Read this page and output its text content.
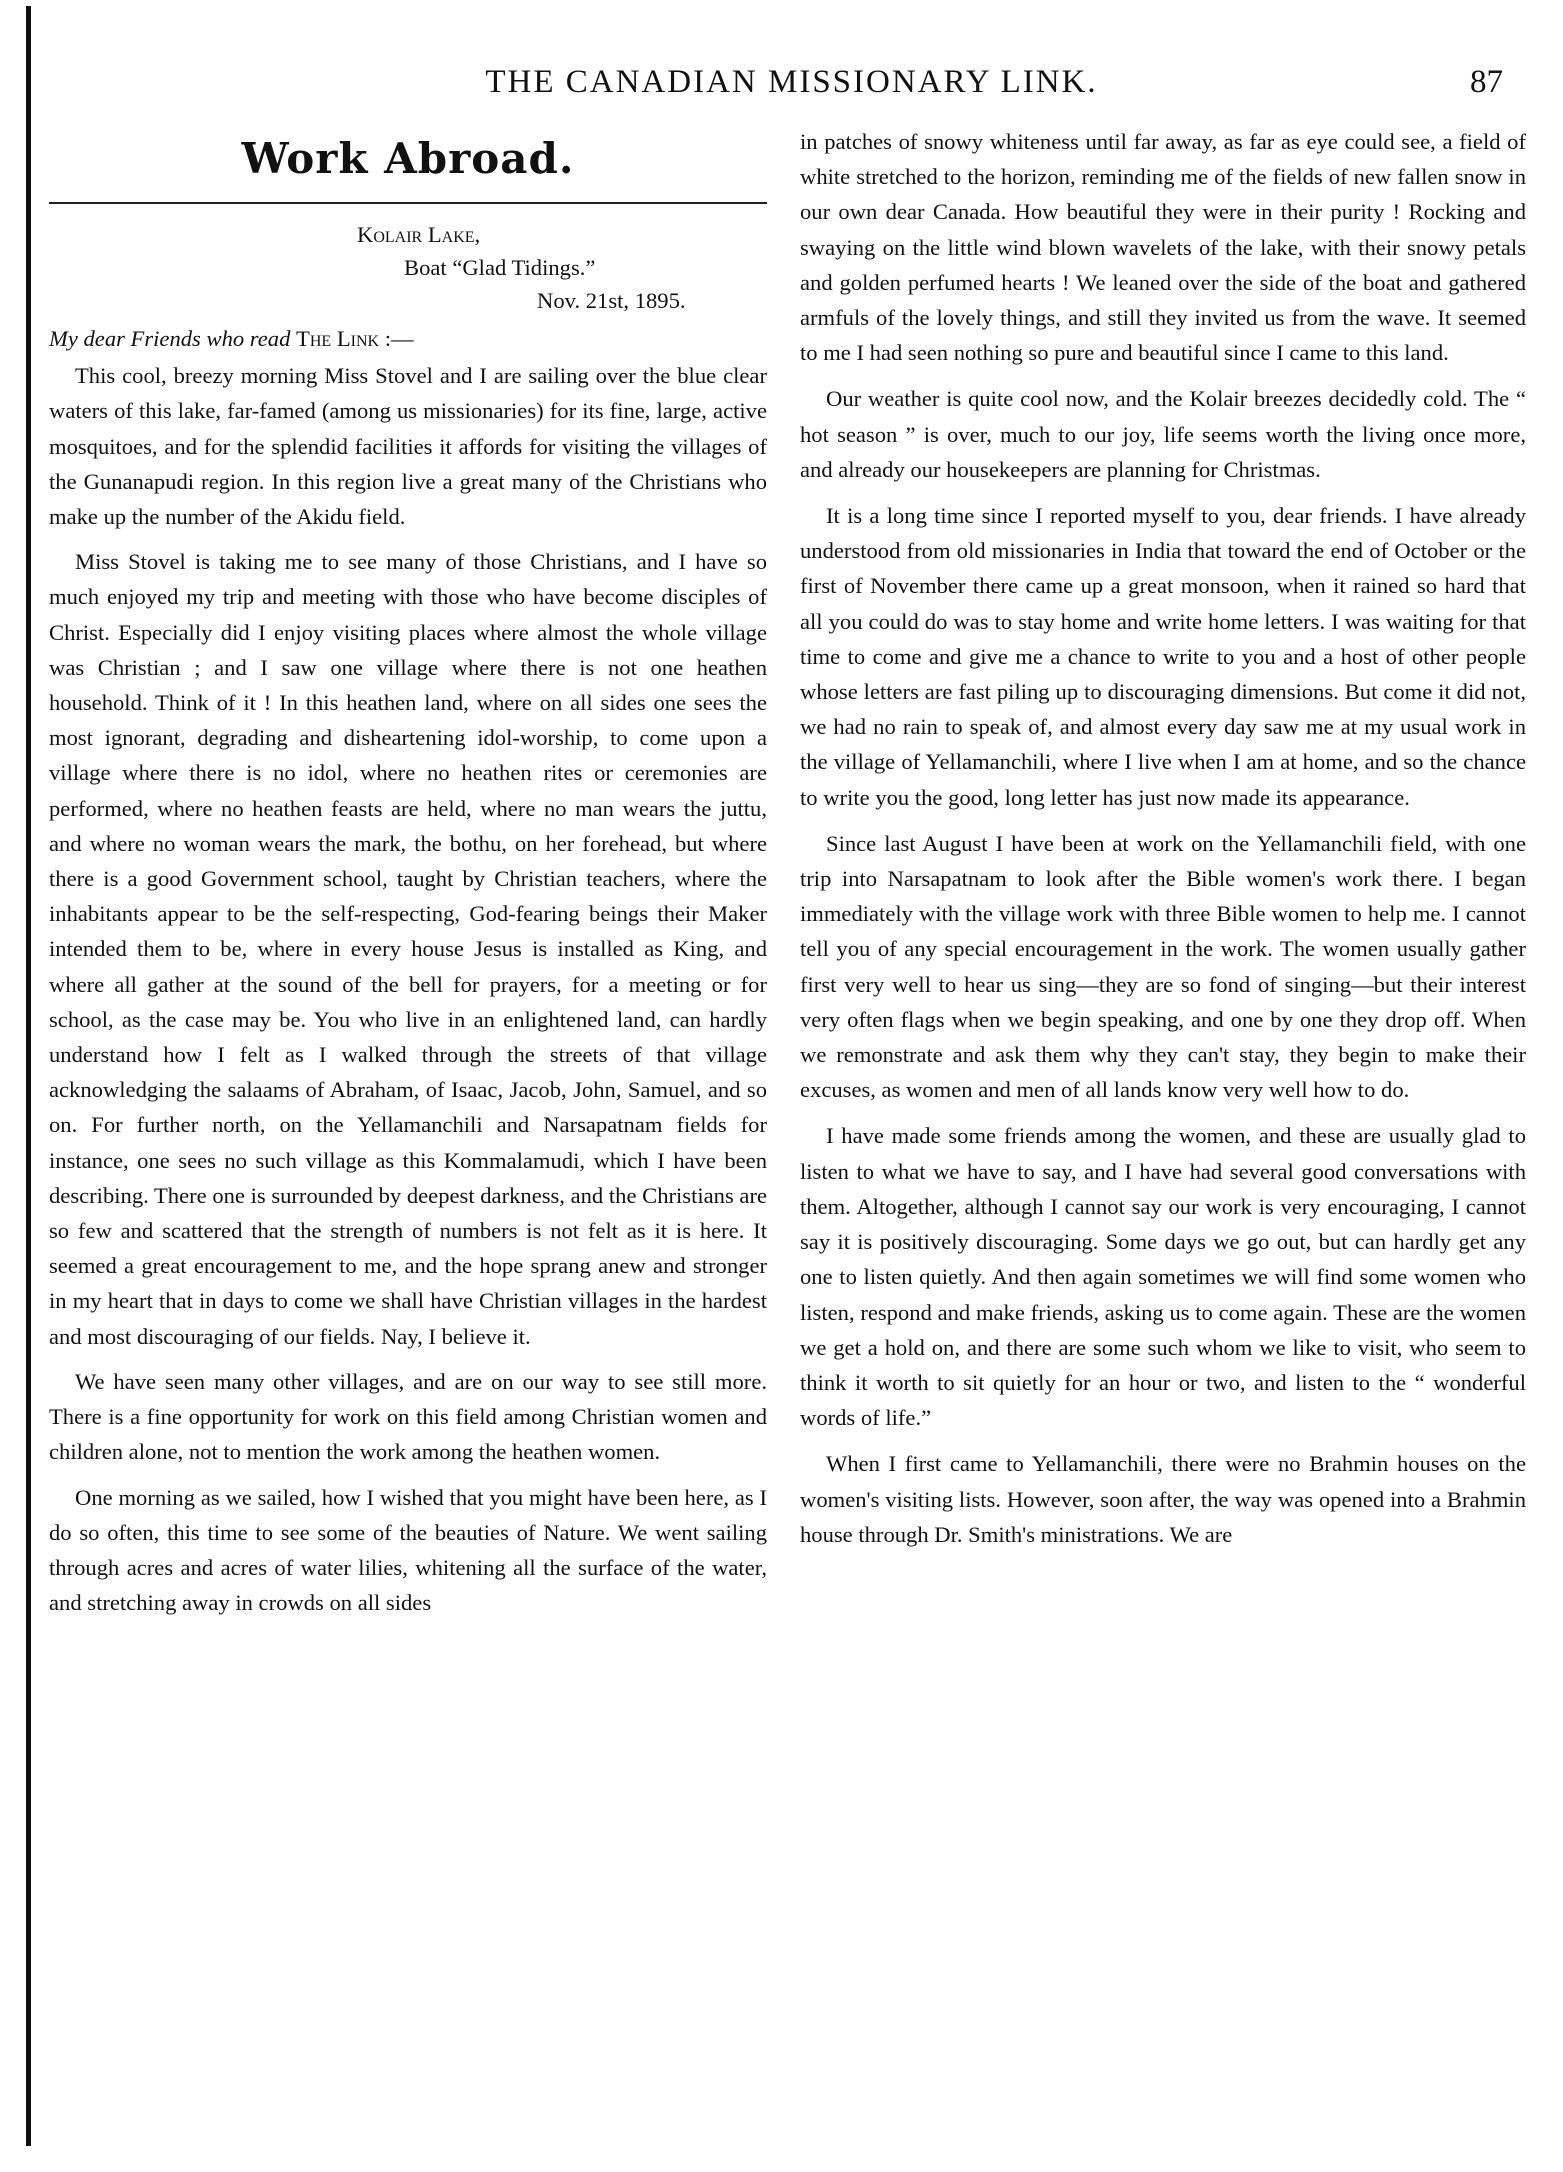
THE CANADIAN MISSIONARY LINK.	87
Work Abroad.
Kolair Lake,
Boat “Glad Tidings.”
Nov. 21st, 1895.
My dear Friends who read The Link :—

This cool, breezy morning Miss Stovel and I are sailing over the blue clear waters of this lake, far-famed (among us missionaries) for its fine, large, active mosquitoes, and for the splendid facilities it affords for visiting the villages of the Gunanapudi region. In this region live a great many of the Christians who make up the number of the Akidu field.

Miss Stovel is taking me to see many of those Christians, and I have so much enjoyed my trip and meeting with those who have become disciples of Christ. Especially did I enjoy visiting places where almost the whole village was Christian ; and I saw one village where there is not one heathen household. Think of it ! In this heathen land, where on all sides one sees the most ignorant, degrading and disheartening idol-worship, to come upon a village where there is no idol, where no heathen rites or ceremonies are performed, where no heathen feasts are held, where no man wears the juttu, and where no woman wears the mark, the bothu, on her forehead, but where there is a good Government school, taught by Christian teachers, where the inhabitants appear to be the self-respecting, God-fearing beings their Maker intended them to be, where in every house Jesus is installed as King, and where all gather at the sound of the bell for prayers, for a meeting or for school, as the case may be. You who live in an enlightened land, can hardly understand how I felt as I walked through the streets of that village acknowledging the salaams of Abraham, of Isaac, Jacob, John, Samuel, and so on. For further north, on the Yellamanchili and Narsapatnam fields for instance, one sees no such village as this Kommalamudi, which I have been describing. There one is surrounded by deepest darkness, and the Christians are so few and scattered that the strength of numbers is not felt as it is here. It seemed a great encouragement to me, and the hope sprang anew and stronger in my heart that in days to come we shall have Christian villages in the hardest and most discouraging of our fields. Nay, I believe it.

We have seen many other villages, and are on our way to see still more. There is a fine opportunity for work on this field among Christian women and children alone, not to mention the work among the heathen women.

One morning as we sailed, how I wished that you might have been here, as I do so often, this time to see some of the beauties of Nature. We went sailing through acres and acres of water lilies, whitening all the surface of the water, and stretching away in crowds on all sides

in patches of snowy whiteness until far away, as far as eye could see, a field of white stretched to the horizon, reminding me of the fields of new fallen snow in our own dear Canada. How beautiful they were in their purity ! Rocking and swaying on the little wind blown wavelets of the lake, with their snowy petals and golden perfumed hearts ! We leaned over the side of the boat and gathered armfuls of the lovely things, and still they invited us from the wave. It seemed to me I had seen nothing so pure and beautiful since I came to this land.

Our weather is quite cool now, and the Kolair breezes decidedly cold. The “ hot season ” is over, much to our joy, life seems worth the living once more, and already our housekeepers are planning for Christmas.

It is a long time since I reported myself to you, dear friends. I have already understood from old missionaries in India that toward the end of October or the first of November there came up a great monsoon, when it rained so hard that all you could do was to stay home and write home letters. I was waiting for that time to come and give me a chance to write to you and a host of other people whose letters are fast piling up to discouraging dimensions. But come it did not, we had no rain to speak of, and almost every day saw me at my usual work in the village of Yellamanchili, where I live when I am at home, and so the chance to write you the good, long letter has just now made its appearance.

Since last August I have been at work on the Yellamanchili field, with one trip into Narsapatnam to look after the Bible women's work there. I began immediately with the village work with three Bible women to help me. I cannot tell you of any special encouragement in the work. The women usually gather first very well to hear us sing—they are so fond of singing—but their interest very often flags when we begin speaking, and one by one they drop off. When we remonstrate and ask them why they can't stay, they begin to make their excuses, as women and men of all lands know very well how to do.

I have made some friends among the women, and these are usually glad to listen to what we have to say, and I have had several good conversations with them. Altogether, although I cannot say our work is very encouraging, I cannot say it is positively discouraging. Some days we go out, but can hardly get any one to listen quietly. And then again sometimes we will find some women who listen, respond and make friends, asking us to come again. These are the women we get a hold on, and there are some such whom we like to visit, who seem to think it worth to sit quietly for an hour or two, and listen to the “ wonderful words of life.”

When I first came to Yellamanchili, there were no Brahmin houses on the women's visiting lists. However, soon after, the way was opened into a Brahmin house through Dr. Smith's ministrations. We are
